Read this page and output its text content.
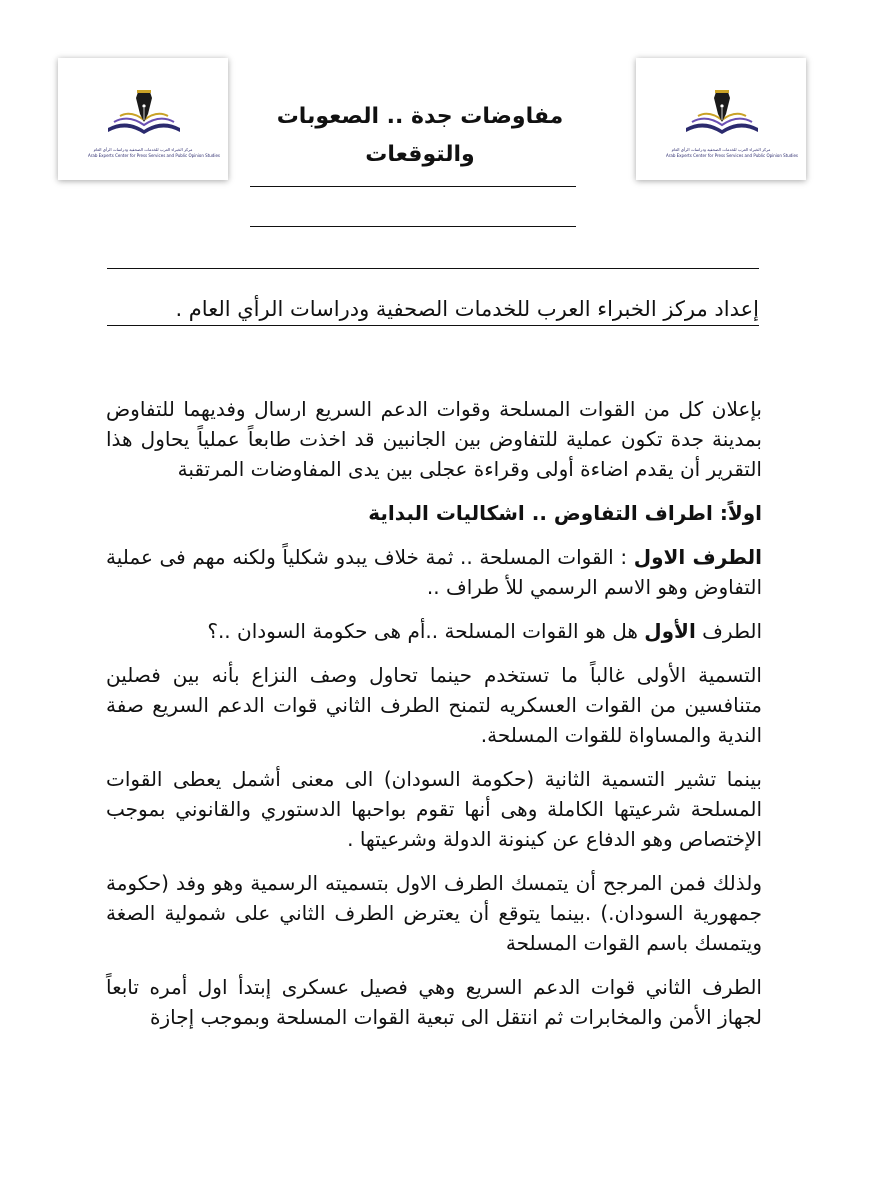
مركز الخبراء العرب للخدمات الصحفية ودراسات الرأي العام
Arab Experts Center for Press Services and Public Opinion Studies
مركز الخبراء العرب للخدمات الصحفية ودراسات الرأي العام
Arab Experts Center for Press Services and Public Opinion Studies
مفاوضات جدة .. الصعوبات
والتوقعات
إعداد مركز الخبراء العرب للخدمات الصحفية ودراسات الرأي العام .

بإعلان كل من القوات المسلحة وقوات الدعم السريع ارسال وفديهما للتفاوض بمدينة جدة تكون عملية للتفاوض بين الجانبين قد اخذت طابعاً عملياً يحاول هذا التقرير أن يقدم اضاءة أولى وقراءة عجلى بين يدى المفاوضات المرتقبة

اولاً: اطراف التفاوض .. اشكاليات البداية

الطرف الاول : القوات المسلحة .. ثمة خلاف يبدو شكلياً ولكنه مهم فى عملية التفاوض وهو الاسم الرسمي للأ طراف ..

الطرف الأول هل هو القوات المسلحة ..أم هى حكومة السودان ..؟

التسمية الأولى غالباً ما تستخدم حينما تحاول وصف النزاع بأنه بين فصلين متنافسين من القوات العسكريه لتمنح الطرف الثاني قوات الدعم السريع صفة الندية والمساواة للقوات المسلحة.

بينما تشير التسمية الثانية (حكومة السودان) الى معنى أشمل يعطى القوات المسلحة شرعيتها الكاملة وهى أنها تقوم بواحبها الدستوري والقانوني بموجب الإختصاص وهو الدفاع عن كينونة الدولة وشرعيتها .

ولذلك فمن المرجح أن يتمسك الطرف الاول بتسميته الرسمية وهو وفد (حكومة جمهورية السودان.) .بينما يتوقع أن يعترض الطرف الثاني على شمولية الصغة ويتمسك باسم القوات المسلحة

الطرف الثاني قوات الدعم السريع وهي فصيل عسكرى إبتدأ اول أمره تابعاً لجهاز الأمن والمخابرات ثم انتقل الى تبعية القوات المسلحة وبموجب إجازة
